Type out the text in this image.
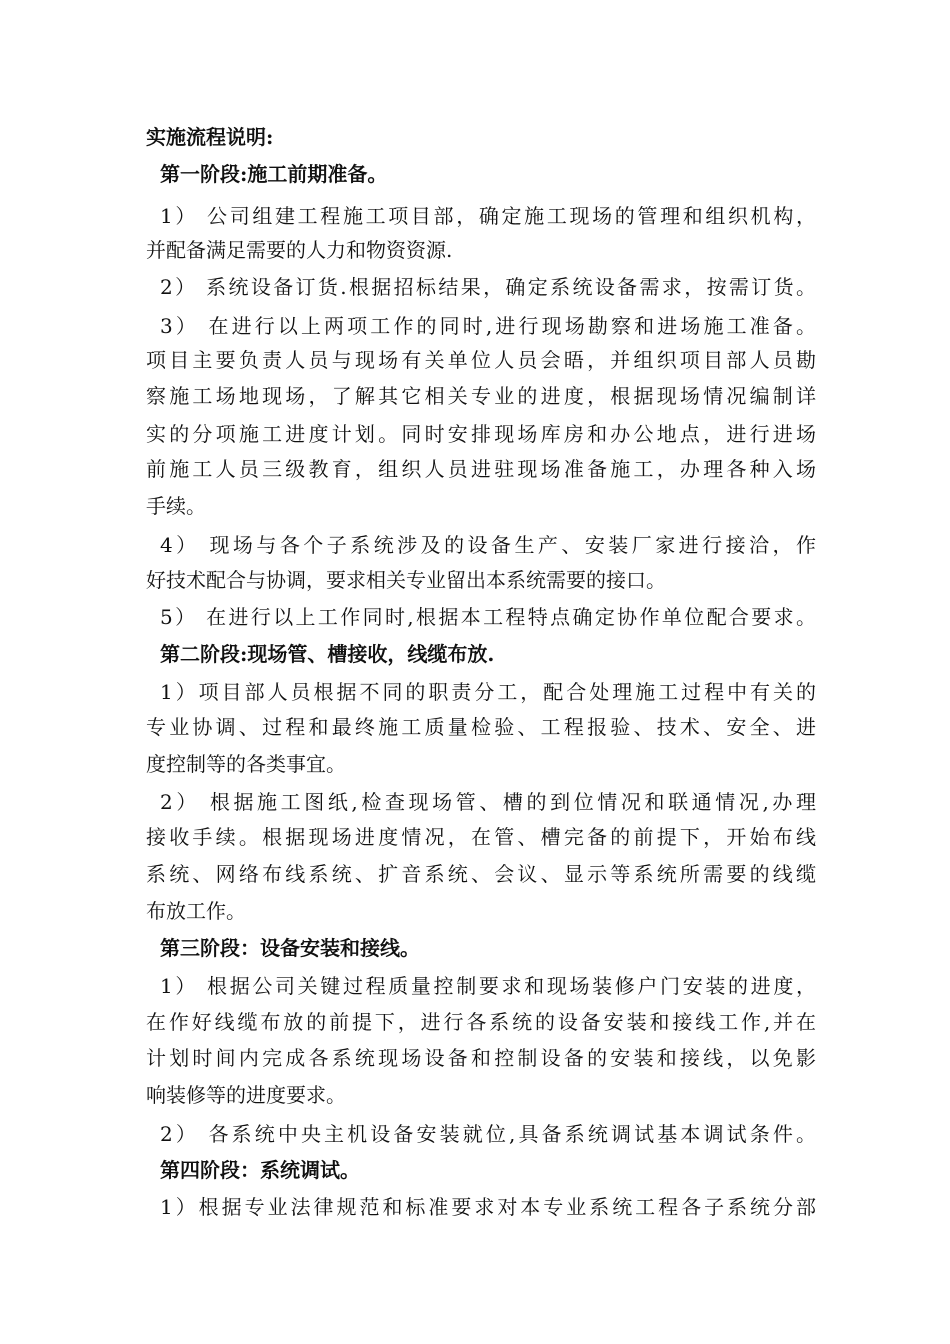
实施流程说明:
第一阶段:施工前期准备。
1） 公司组建工程施工项目部，确定施工现场的管理和组织机构，
并配备满足需要的人力和物资资源.
2） 系统设备订货.根据招标结果，确定系统设备需求，按需订货。
3） 在进行以上两项工作的同时,进行现场勘察和进场施工准备。
项目主要负责人员与现场有关单位人员会晤，并组织项目部人员勘
察施工场地现场，了解其它相关专业的进度，根据现场情况编制详
实的分项施工进度计划。同时安排现场库房和办公地点，进行进场
前施工人员三级教育，组织人员进驻现场准备施工，办理各种入场
手续。
4） 现场与各个子系统涉及的设备生产、安装厂家进行接洽，作
好技术配合与协调，要求相关专业留出本系统需要的接口。
5） 在进行以上工作同时,根据本工程特点确定协作单位配合要求。
第二阶段:现场管、槽接收，线缆布放.
1）项目部人员根据不同的职责分工，配合处理施工过程中有关的
专业协调、过程和最终施工质量检验、工程报验、技术、安全、进
度控制等的各类事宜。
2） 根据施工图纸,检查现场管、槽的到位情况和联通情况,办理
接收手续。根据现场进度情况，在管、槽完备的前提下，开始布线
系统、网络布线系统、扩音系统、会议、显示等系统所需要的线缆
布放工作。
第三阶段：设备安装和接线。
1） 根据公司关键过程质量控制要求和现场装修户门安装的进度，
在作好线缆布放的前提下，进行各系统的设备安装和接线工作,并在
计划时间内完成各系统现场设备和控制设备的安装和接线，以免影
响装修等的进度要求。
2） 各系统中央主机设备安装就位,具备系统调试基本调试条件。
第四阶段：系统调试。
1）根据专业法律规范和标准要求对本专业系统工程各子系统分部
